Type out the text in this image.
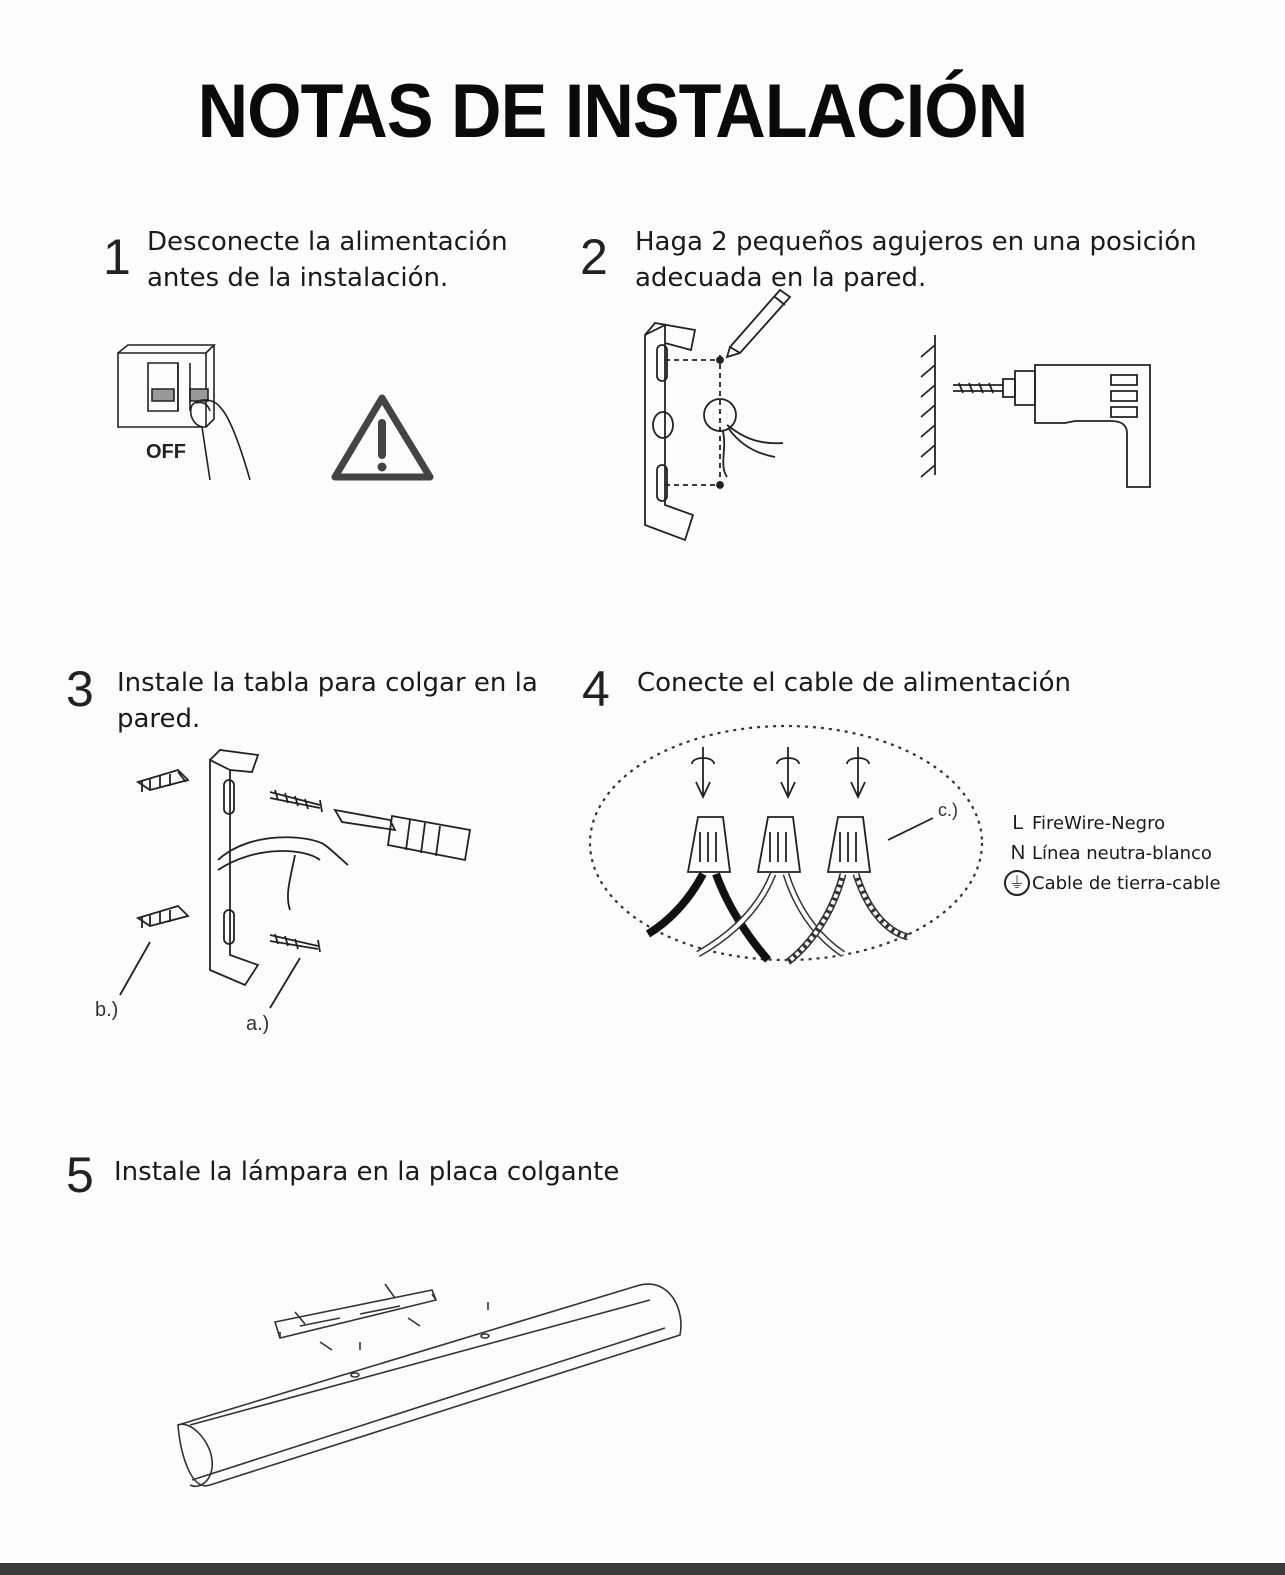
NOTAS DE INSTALACIÓN
1 Desconecte la alimentación antes de la instalación.
OFF
2 Haga 2 pequeños agujeros en una posición adecuada en la pared.
3 Instale la tabla para colgar en la pared.
b.)
a.)
4 Conecte el cable de alimentación
c.)
L FireWire-Negro
N Línea neutra-blanco
⏚ Cable de tierra-cable
5 Instale la lámpara en la placa colgante
